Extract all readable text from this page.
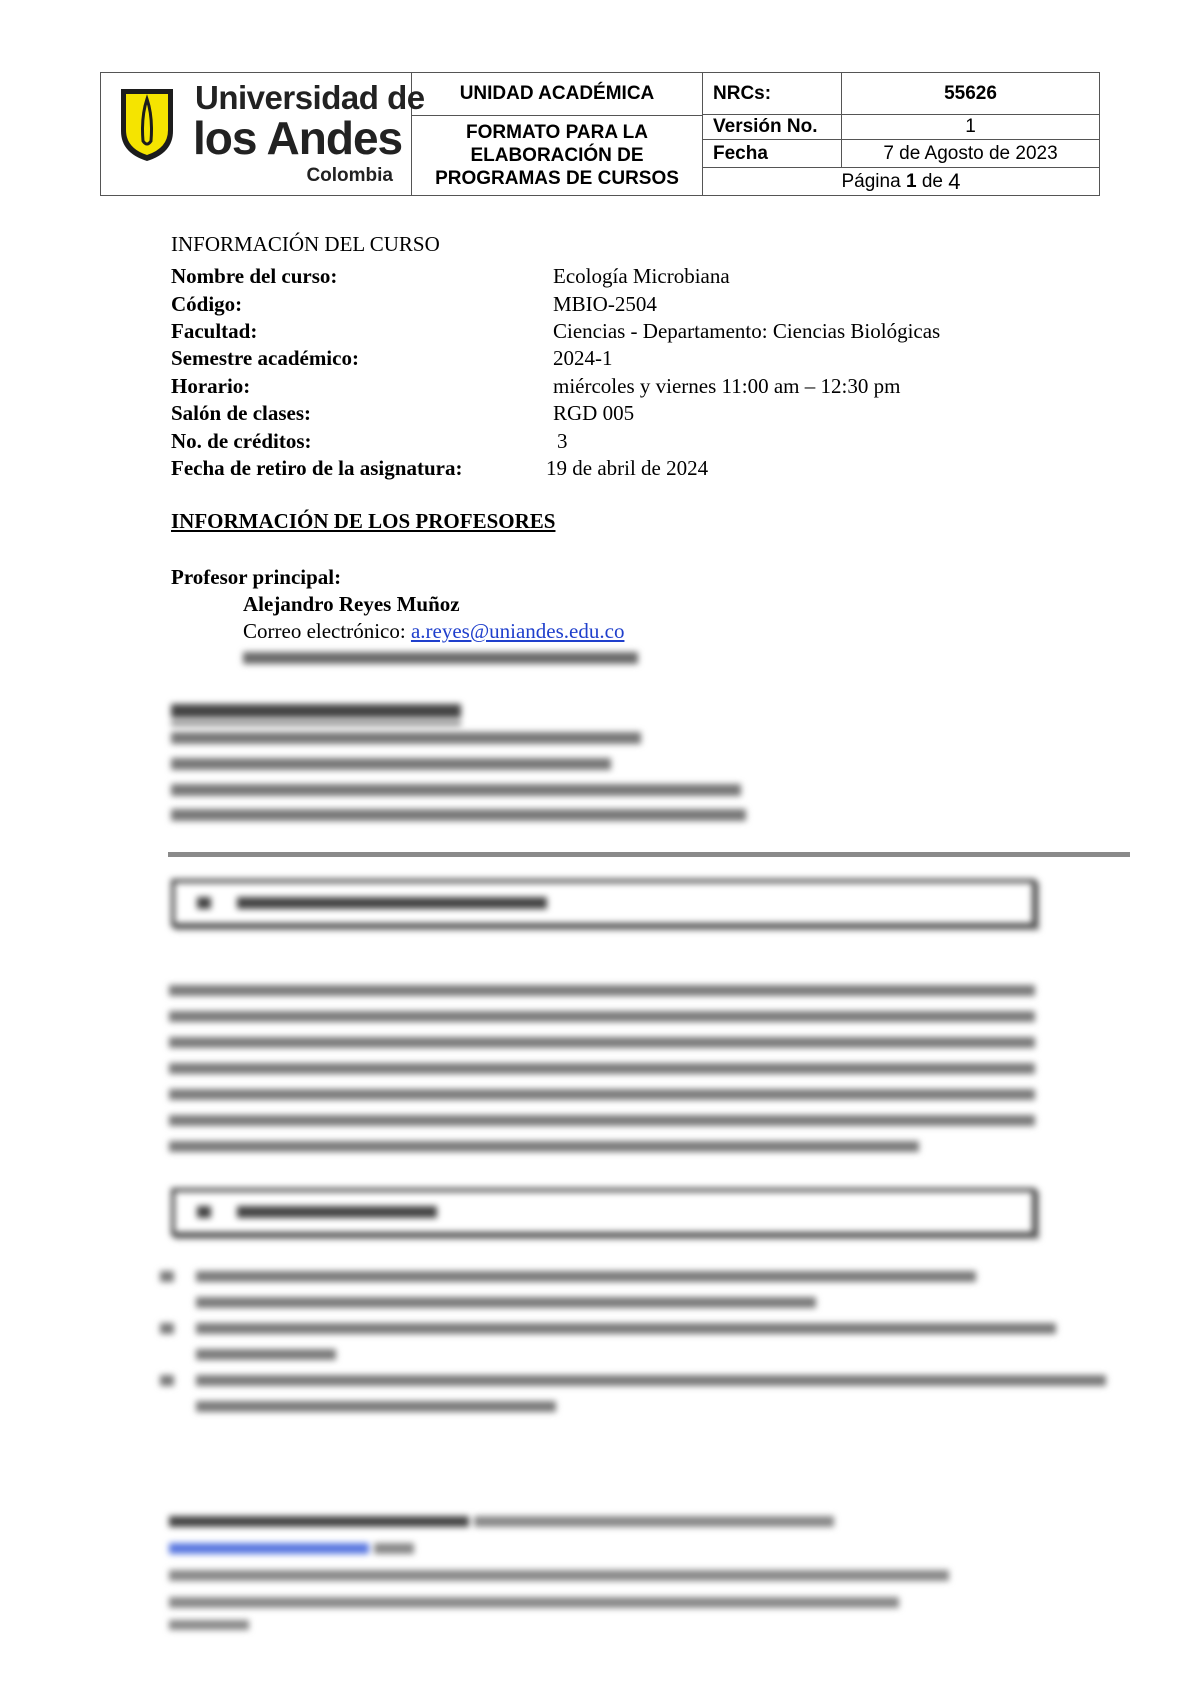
Universidad de
los Andes
Colombia
UNIDAD ACADÉMICA
FORMATO PARA LA ELABORACIÓN DE PROGRAMAS DE CURSOS
NRCs:	55626
Versión No.	1
Fecha	7 de Agosto de 2023
Página
1
de
4
INFORMACIÓN DEL CURSO
Nombre del curso:	Ecología Microbiana
Código:	MBIO-2504
Facultad:	Ciencias - Departamento: Ciencias Biológicas
Semestre académico:	2024-1
Horario:	miércoles y viernes 11:00 am – 12:30 pm
Salón de clases:	RGD 005
No. de créditos:	3
Fecha de retiro de la asignatura:	19 de abril de 2024
INFORMACIÓN DE LOS PROFESORES
Profesor principal:
Alejandro Reyes Muñoz
Correo electrónico: a.reyes@uniandes.edu.co
